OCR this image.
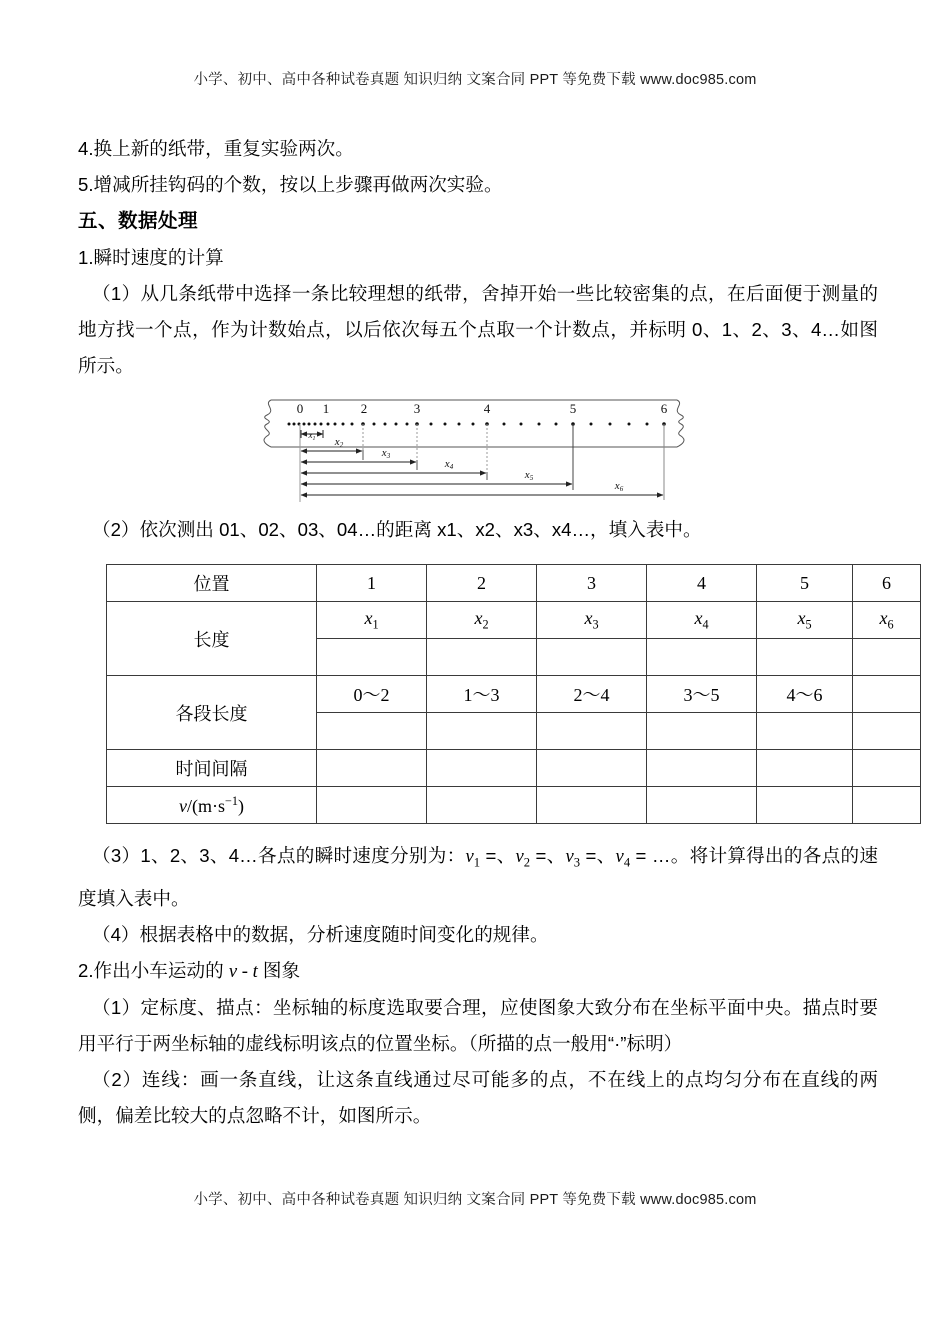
小学、初中、高中各种试卷真题 知识归纳 文案合同 PPT 等免费下载 www.doc985.com

4.换上新的纸带，重复实验两次。

5.增减所挂钩码的个数，按以上步骤再做两次实验。

五、数据处理

1.瞬时速度的计算

（1）从几条纸带中选择一条比较理想的纸带，舍掉开始一些比较密集的点，在后面便于测量的地方找一个点，作为计数始点，以后依次每五个点取一个计数点，并标明 0、1、2、3、4…如图所示。

0 1 2	3	4	5	6
$x_1$ x2
x3
x4
x5
x6

（2）依次测出 01、02、03、04…的距离 x1、x2、x3、x4…，填入表中。

位置	1	2	3	4	5	6
长度	$x_1$	$x_2$	$x_3$	$x_4$	$x_5$	$x_6$

各段长度	0～2	1～3	2～4	3～5	4～6	

时间间隔						
$v/(m\cdot s^{-1})$						

（3）1、2、3、4…各点的瞬时速度分别为：$v_1$ =、$v_2$ =、$v_3$ =、$v_4$ = …。将计算得出的各点的速度填入表中。

（4）根据表格中的数据，分析速度随时间变化的规律。

2.作出小车运动的 v - t 图象

（1）定标度、描点：坐标轴的标度选取要合理，应使图象大致分布在坐标平面中央。描点时要用平行于两坐标轴的虚线标明该点的位置坐标。（所描的点一般用“·”标明）

（2）连线：画一条直线，让这条直线通过尽可能多的点，不在线上的点均匀分布在直线的两侧，偏差比较大的点忽略不计，如图所示。

小学、初中、高中各种试卷真题 知识归纳 文案合同 PPT 等免费下载 www.doc985.com
